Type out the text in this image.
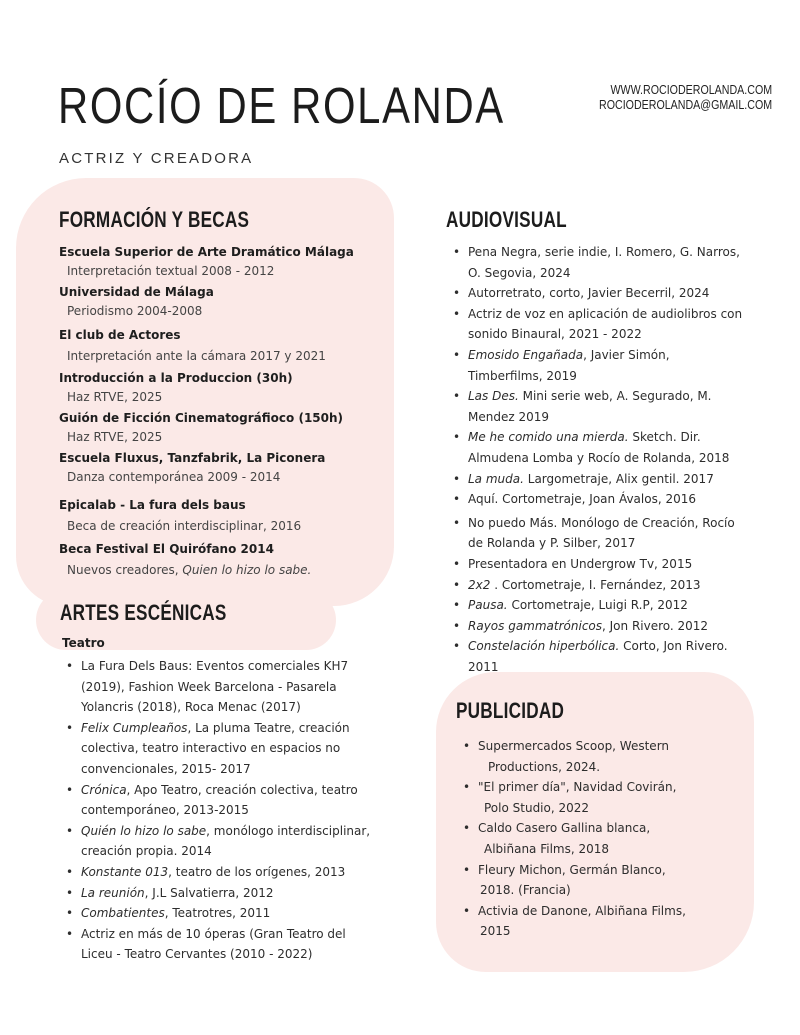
ROCÍO DE ROLANDA

ACTRIZ Y CREADORA

WWW.ROCIODEROLANDA.COM
ROCIODEROLANDA@GMAIL.COM
FORMACIÓN Y BECAS
Escuela Superior de Arte Dramático Málaga
Interpretación textual 2008 - 2012
Universidad de Málaga
Periodismo 2004-2008
El club de Actores
Interpretación ante la cámara 2017 y 2021
Introducción a la Produccion (30h)
Haz RTVE, 2025
Guión de Ficción Cinematográfioco (150h)
Haz RTVE, 2025
Escuela Fluxus, Tanzfabrik, La Piconera
Danza contemporánea 2009 - 2014
Epicalab - La fura dels baus
Beca de creación interdisciplinar, 2016
Beca Festival El Quirófano 2014
Nuevos creadores, Quien lo hizo lo sabe.
ARTES ESCÉNICAS
Teatro
• La Fura Dels Baus: Eventos comerciales KH7 (2019), Fashion Week Barcelona - Pasarela Yolancris (2018), Roca Menac (2017)
• Felix Cumpleaños, La pluma Teatre, creación colectiva, teatro interactivo en espacios no convencionales, 2015- 2017
• Crónica, Apo Teatro, creación colectiva, teatro contemporáneo, 2013-2015
• Quién lo hizo lo sabe, monólogo interdisciplinar, creación propia. 2014
• Konstante 013, teatro de los orígenes, 2013
• La reunión, J.L Salvatierra, 2012
• Combatientes, Teatrotres, 2011
• Actriz en más de 10 óperas (Gran Teatro del Liceu - Teatro Cervantes (2010 - 2022)
AUDIOVISUAL
• Pena Negra, serie indie, I. Romero, G. Narros, O. Segovia, 2024
• Autorretrato, corto, Javier Becerril, 2024
• Actriz de voz en aplicación de audiolibros con sonido Binaural, 2021 - 2022
• Emosido Engañada, Javier Simón, Timberfilms, 2019
• Las Des. Mini serie web, A. Segurado, M. Mendez 2019
• Me he comido una mierda. Sketch. Dir. Almudena Lomba y Rocío de Rolanda, 2018
• La muda. Largometraje, Alix gentil. 2017
• Aquí. Cortometraje, Joan Ávalos, 2016
• No puedo Más. Monólogo de Creación, Rocío de Rolanda y P. Silber, 2017
• Presentadora en Undergrow Tv, 2015
• 2x2 . Cortometraje, I. Fernández, 2013
• Pausa. Cortometraje, Luigi R.P, 2012
• Rayos gammatrónicos, Jon Rivero. 2012
• Constelación hiperbólica. Corto, Jon Rivero. 2011
PUBLICIDAD
• Supermercados Scoop, Western
Productions, 2024.
• "El primer día", Navidad Covirán,
Polo Studio, 2022
• Caldo Casero Gallina blanca,
Albiñana Films, 2018
• Fleury Michon, Germán Blanco,
2018. (Francia)
• Activia de Danone, Albiñana Films,
2015
